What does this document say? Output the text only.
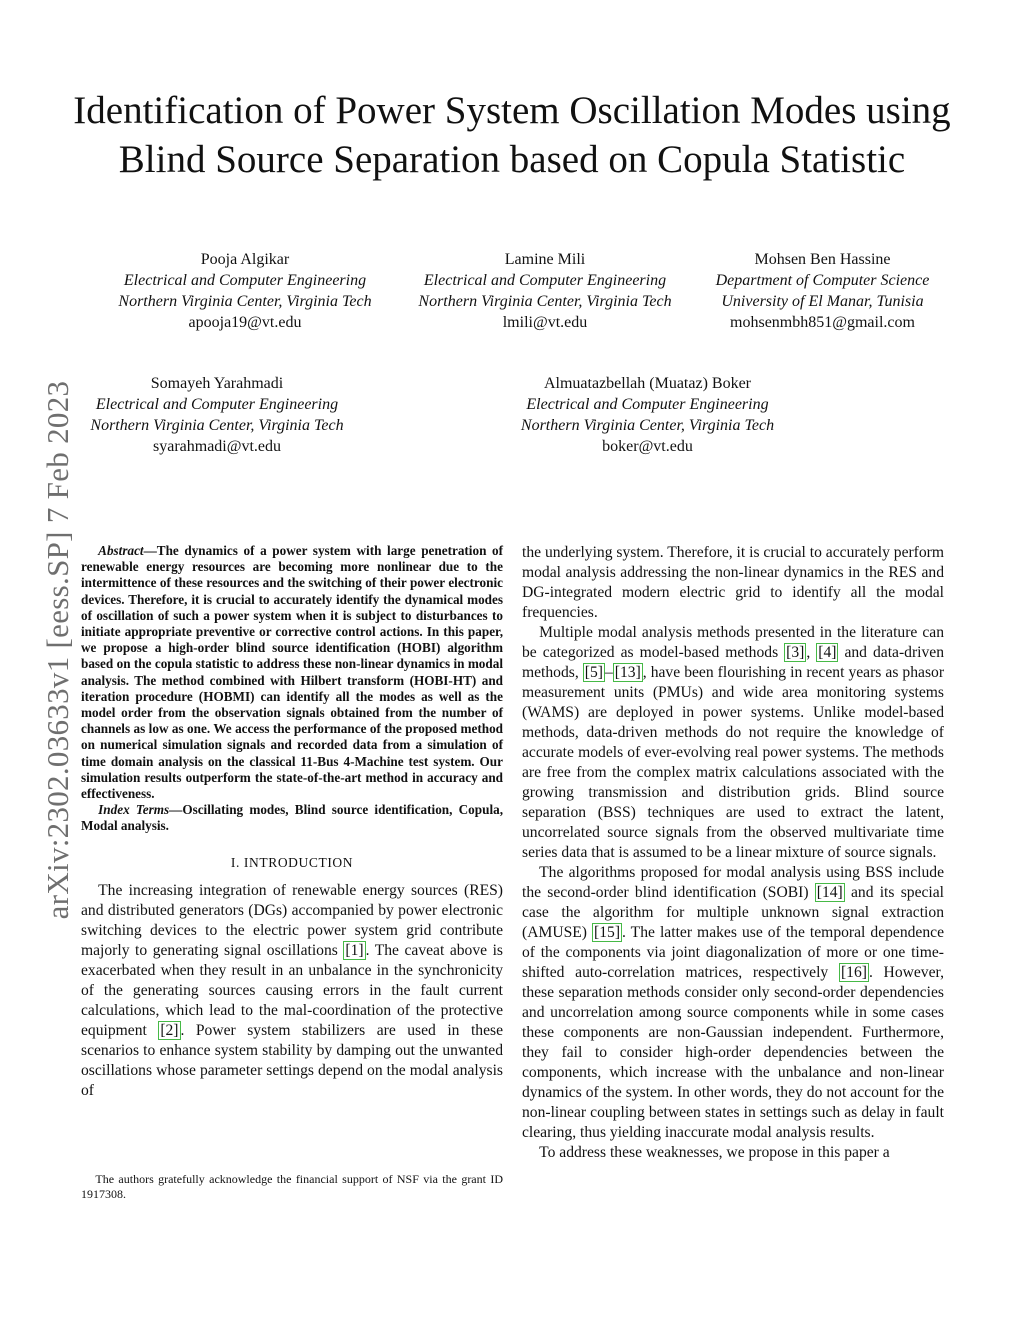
Identification of Power System Oscillation Modes using Blind Source Separation based on Copula Statistic
Pooja Algikar
Electrical and Computer Engineering
Northern Virginia Center, Virginia Tech
apooja19@vt.edu
Lamine Mili
Electrical and Computer Engineering
Northern Virginia Center, Virginia Tech
lmili@vt.edu
Mohsen Ben Hassine
Department of Computer Science
University of El Manar, Tunisia
mohsenmbh851@gmail.com
Somayeh Yarahmadi
Electrical and Computer Engineering
Northern Virginia Center, Virginia Tech
syarahmadi@vt.edu
Almuatazbellah (Muataz) Boker
Electrical and Computer Engineering
Northern Virginia Center, Virginia Tech
boker@vt.edu
arXiv:2302.03633v1 [eess.SP] 7 Feb 2023	Abstract—The dynamics of a power system with large penetration of renewable energy resources are becoming more nonlinear due to the intermittence of these resources and the switching of their power electronic devices. Therefore, it is crucial to accurately identify the dynamical modes of oscillation of such a power system when it is subject to disturbances to initiate appropriate preventive or corrective control actions. In this paper, we propose a high-order blind source identification (HOBI) algorithm based on the copula statistic to address these non-linear dynamics in modal analysis. The method combined with Hilbert transform (HOBI-HT) and iteration procedure (HOBMI) can identify all the modes as well as the model order from the observation signals obtained from the number of channels as low as one. We access the performance of the proposed method on numerical simulation signals and recorded data from a simulation of time domain analysis on the classical 11-Bus 4-Machine test system. Our simulation results outperform the state-of-the-art method in accuracy and effectiveness.

Index Terms—Oscillating modes, Blind source identification, Copula, Modal analysis.

I. INTRODUCTION

The increasing integration of renewable energy sources (RES) and distributed generators (DGs) accompanied by power electronic switching devices to the electric power system grid contribute majorly to generating signal oscillations [1] . The caveat above is exacerbated when they result in an unbalance in the synchronicity of the generating sources causing errors in the fault current calculations, which lead to the mal-coordination of the protective equipment [2] . Power system stabilizers are used in these scenarios to enhance system stability by damping out the unwanted oscillations whose parameter settings depend on the modal analysis of

the underlying system. Therefore, it is crucial to accurately perform modal analysis addressing the non-linear dynamics in the RES and DG-integrated modern electric grid to identify all the modal frequencies.

Multiple modal analysis methods presented in the literature can be categorized as model-based methods [3] , [4] and data-driven methods, [5] – [13] , have been flourishing in recent years as phasor measurement units (PMUs) and wide area monitoring systems (WAMS) are deployed in power systems. Unlike model-based methods, data-driven methods do not require the knowledge of accurate models of ever-evolving real power systems. The methods are free from the complex matrix calculations associated with the growing transmission and distribution grids. Blind source separation (BSS) techniques are used to extract the latent, uncorrelated source signals from the observed multivariate time series data that is assumed to be a linear mixture of source signals.

The algorithms proposed for modal analysis using BSS include the second-order blind identification (SOBI) [14] and its special case the algorithm for multiple unknown signal extraction (AMUSE) [15] . The latter makes use of the temporal dependence of the components via joint diagonalization of more or one time-shifted auto-correlation matrices, respectively [16] . However, these separation methods consider only second-order dependencies and uncorrelation among source components while in some cases these components are non-Gaussian independent. Furthermore, they fail to consider high-order dependencies between the components, which increase with the unbalance and non-linear dynamics of the system. In other words, they do not account for the non-linear coupling between states in settings such as delay in fault clearing, thus yielding inaccurate modal analysis results.

To address these weaknesses, we propose in this paper a

The authors gratefully acknowledge the financial support of NSF via the grant ID 1917308.
